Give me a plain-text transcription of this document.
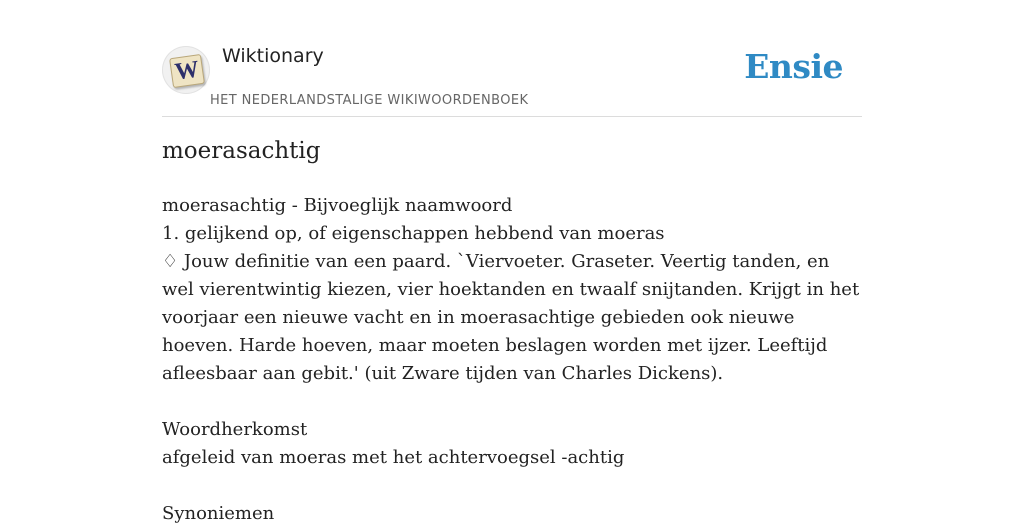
W
Wiktionary
HET NEDERLANDSTALIGE WIKIWOORDENBOEK
Ensie
moerasachtig

moerasachtig - Bijvoeglijk naamwoord

1. gelijkend op, of eigenschappen hebbend van moeras

♢ Jouw definitie van een paard. `Viervoeter. Graseter. Veertig tanden, en wel vierentwintig kiezen, vier hoektanden en twaalf snijtanden. Krijgt in het voorjaar een nieuwe vacht en in moerasachtige gebieden ook nieuwe hoeven. Harde hoeven, maar moeten beslagen worden met ijzer. Leeftijd afleesbaar aan gebit.' (uit Zware tijden van Charles Dickens).

Woordherkomst

afgeleid van moeras met het achtervoegsel -achtig

Synoniemen
